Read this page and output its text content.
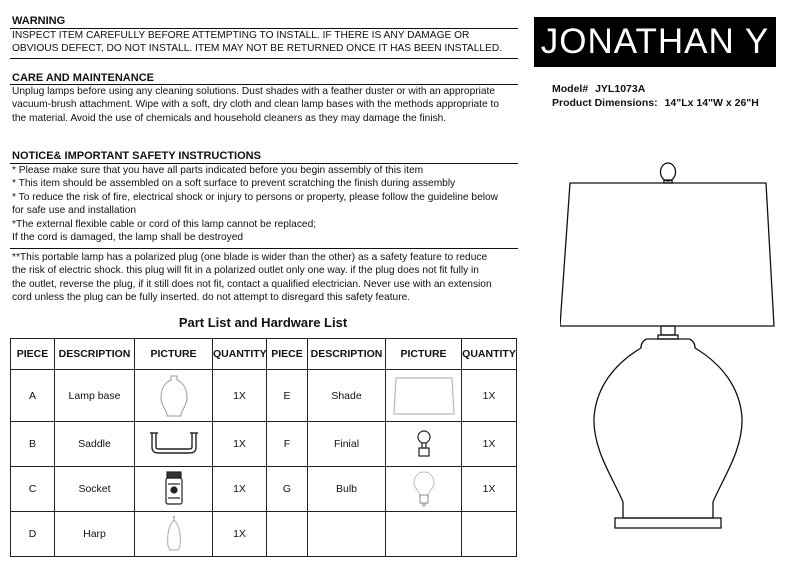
WARNING

INSPECT ITEM CAREFULLY BEFORE ATTEMPTING TO INSTALL. IF THERE IS ANY DAMAGE OR

OBVIOUS DEFECT, DO NOT INSTALL. ITEM MAY NOT BE RETURNED ONCE IT HAS BEEN INSTALLED.

CARE AND MAINTENANCE

Unplug lamps before using any cleaning solutions. Dust shades with a feather duster or with an appropriate

vacuum-brush attachment. Wipe with a soft, dry cloth and clean lamp bases with the methods appropriate to

the material. Avoid the use of chemicals and household cleaners as they may damage the finish.

NOTICE& IMPORTANT SAFETY INSTRUCTIONS

* Please make sure that you have all parts indicated before you begin assembly of this item

* This item should be assembled on a soft surface to prevent scratching the finish during assembly

* To reduce the risk of fire, electrical shock or injury to persons or property, please follow the guideline below

for safe use and installation

*The external flexible cable or cord of this lamp cannot be replaced;

If the cord is damaged, the lamp shall be destroyed

**This portable lamp has a polarized plug (one blade is wider than the other) as a safety feature to reduce

the risk of electric shock. this plug will fit in a polarized outlet only one way. if the plug does not fit fully in

the outlet, reverse the plug, if it still does not fit, contact a qualified electrician. Never use with an extension

cord unless the plug can be fully inserted. do not attempt to disregard this safety feature.

JONATHAN Y
Model# JYL1073A
Product Dimensions: 14"Lx 14"W x 26"H
Part List and Hardware List
PIECE	DESCRIPTION	PICTURE	QUANTITY	PIECE	DESCRIPTION	PICTURE	QUANTITY
A	Lamp base		1X	E	Shade		1X
B	Saddle		1X	F	Finial		1X
C	Socket		1X	G	Bulb		1X
D	Harp		1X				
